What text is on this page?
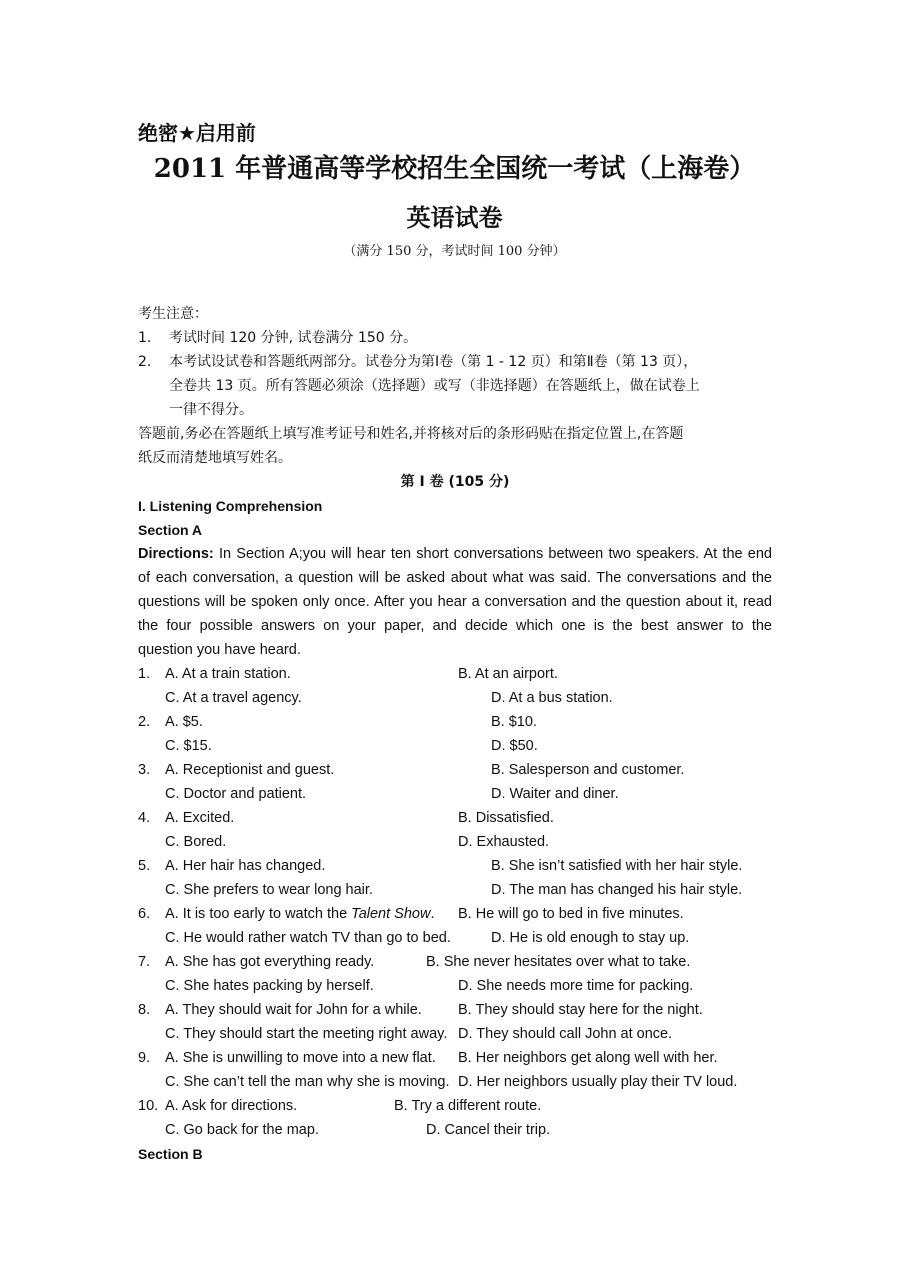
绝密★启用前
2011 年普通高等学校招生全国统一考试（上海卷）
英语试卷
（满分 150 分，考试时间 100 分钟）
考生注意：
1. 考试时间 120 分钟, 试卷满分 150 分。
2. 本考试设试卷和答题纸两部分。试卷分为第Ⅰ卷（第 1 - 12 页）和第Ⅱ卷（第 13 页），
全卷共 13 页。所有答题必须涂（选择题）或写（非选择题）在答题纸上，做在试卷上
一律不得分。
答题前,务必在答题纸上填写准考证号和姓名,并将核对后的条形码贴在指定位置上,在答题
纸反而清楚地填写姓名。
第 I 卷 (105 分)
I. Listening Comprehension
Section A
Directions: In Section A;you will hear ten short conversations between two speakers. At the end
of each conversation, a question will be asked about what was said. The conversations and the
questions will be spoken only once. After you hear a conversation and the question about it, read
the four possible answers on your paper, and decide which one is the best answer to the
question you have heard.
1. A. At a train station.	B. At an airport.
C. At a travel agency.	D. At a bus station.
2. A. $5.	B. $10.
C. $15.	D. $50.
3. A. Receptionist and guest.	B. Salesperson and customer.
C. Doctor and patient.	D. Waiter and diner.
4. A. Excited.	B. Dissatisfied.
C. Bored.	D. Exhausted.
5. A. Her hair has changed.	B. She isn’t satisfied with her hair style.
C. She prefers to wear long hair.	D. The man has changed his hair style.
6. A. It is too early to watch the Talent Show. B. He will go to bed in five minutes.
C. He would rather watch TV than go to bed.	D. He is old enough to stay up.
7. A. She has got everything ready.	B. She never hesitates over what to take.
C. She hates packing by herself.	D. She needs more time for packing.
8. A. They should wait for John for a while. B. They should stay here for the night.
C. They should start the meeting right away. D. They should call John at once.
9. A. She is unwilling to move into a new flat. B. Her neighbors get along well with her.
C. She can’t tell the man why she is moving. D. Her neighbors usually play their TV loud.
10. A. Ask for directions.	B. Try a different route.
C. Go back for the map.	D. Cancel their trip.
Section B
